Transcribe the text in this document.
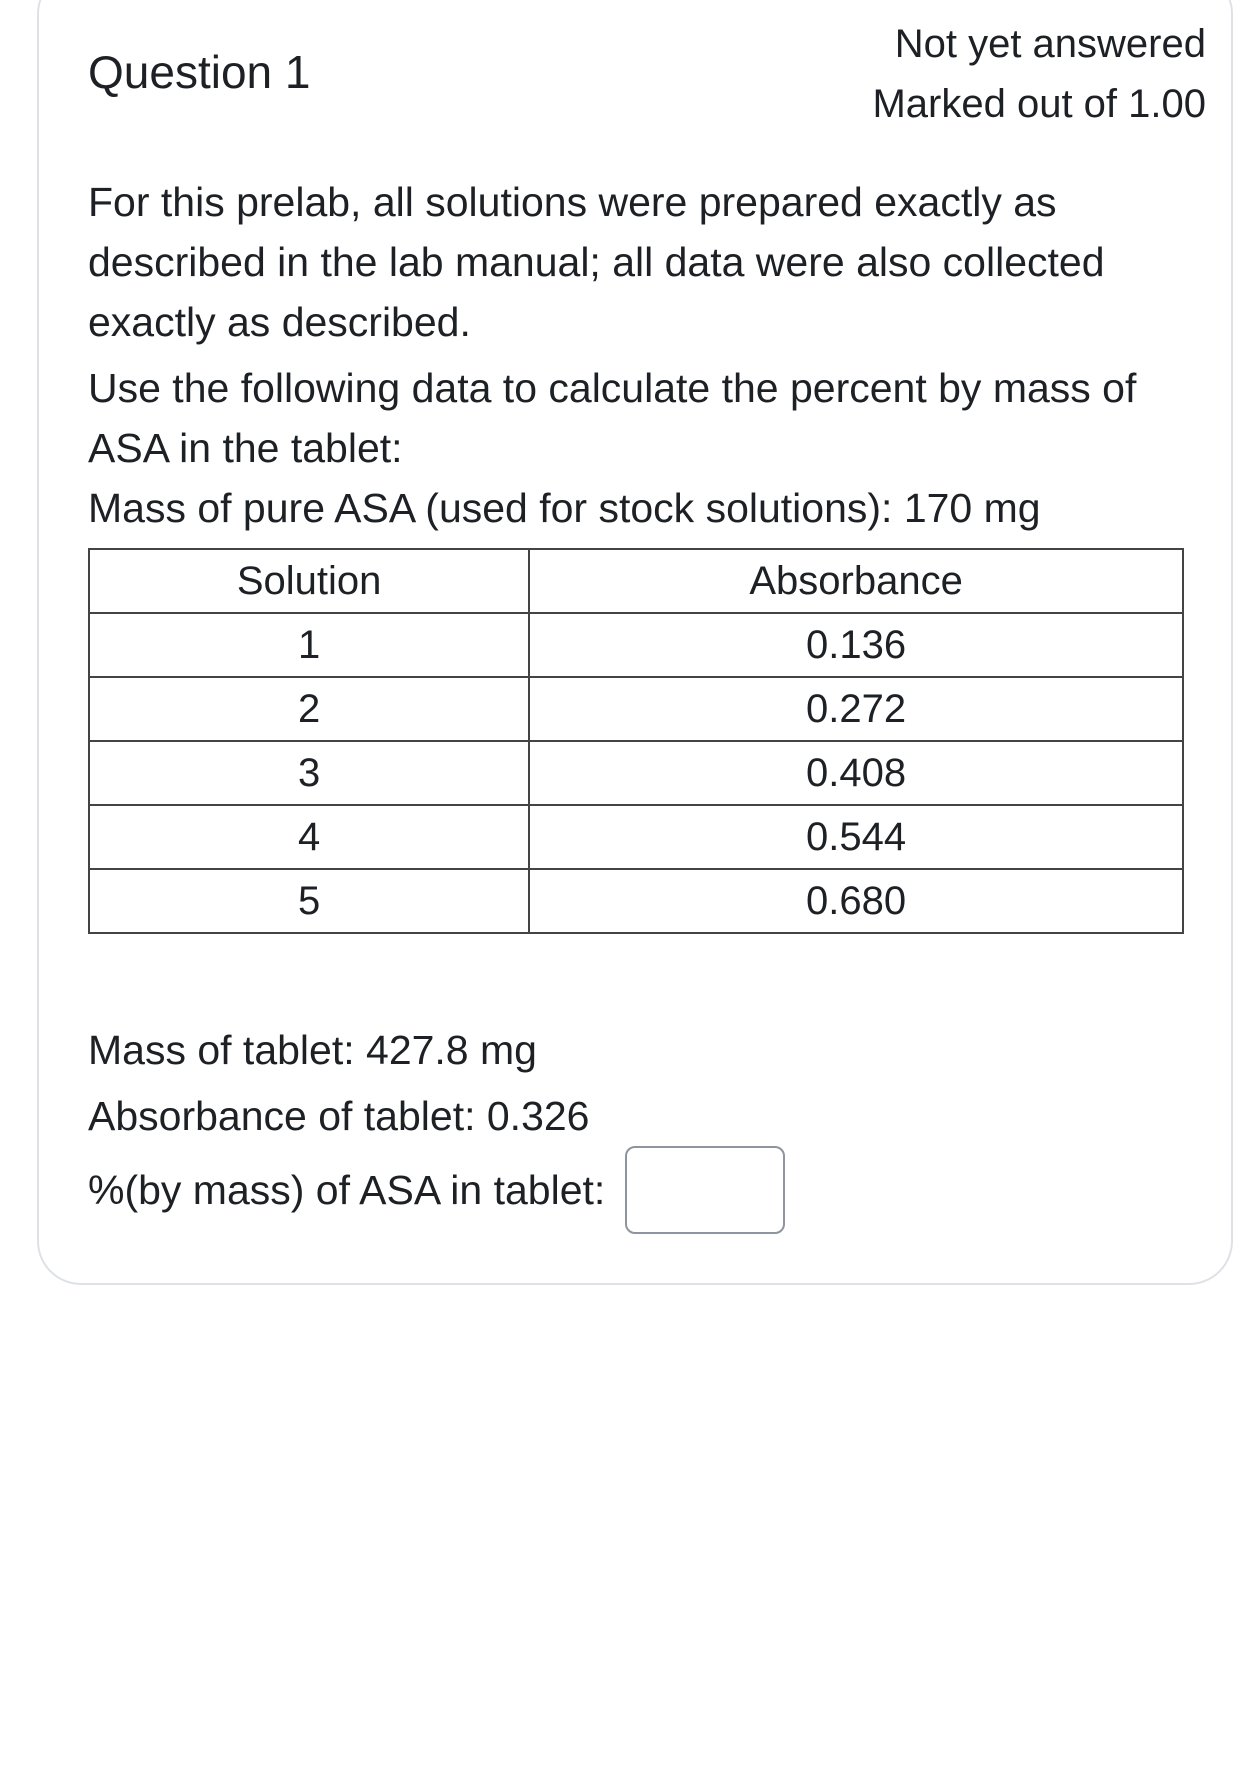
Question 1
Not yet answered
Marked out of 1.00

For this prelab, all solutions were prepared exactly as described in the lab manual; all data were also collected exactly as described.

Use the following data to calculate the percent by mass of ASA in the tablet:

Mass of pure ASA (used for stock solutions): 170 mg

Solution	Absorbance
1	0.136
2	0.272
3	0.408
4	0.544
5	0.680

Mass of tablet: 427.8 mg

Absorbance of tablet: 0.326

%(by mass) of ASA in tablet:
